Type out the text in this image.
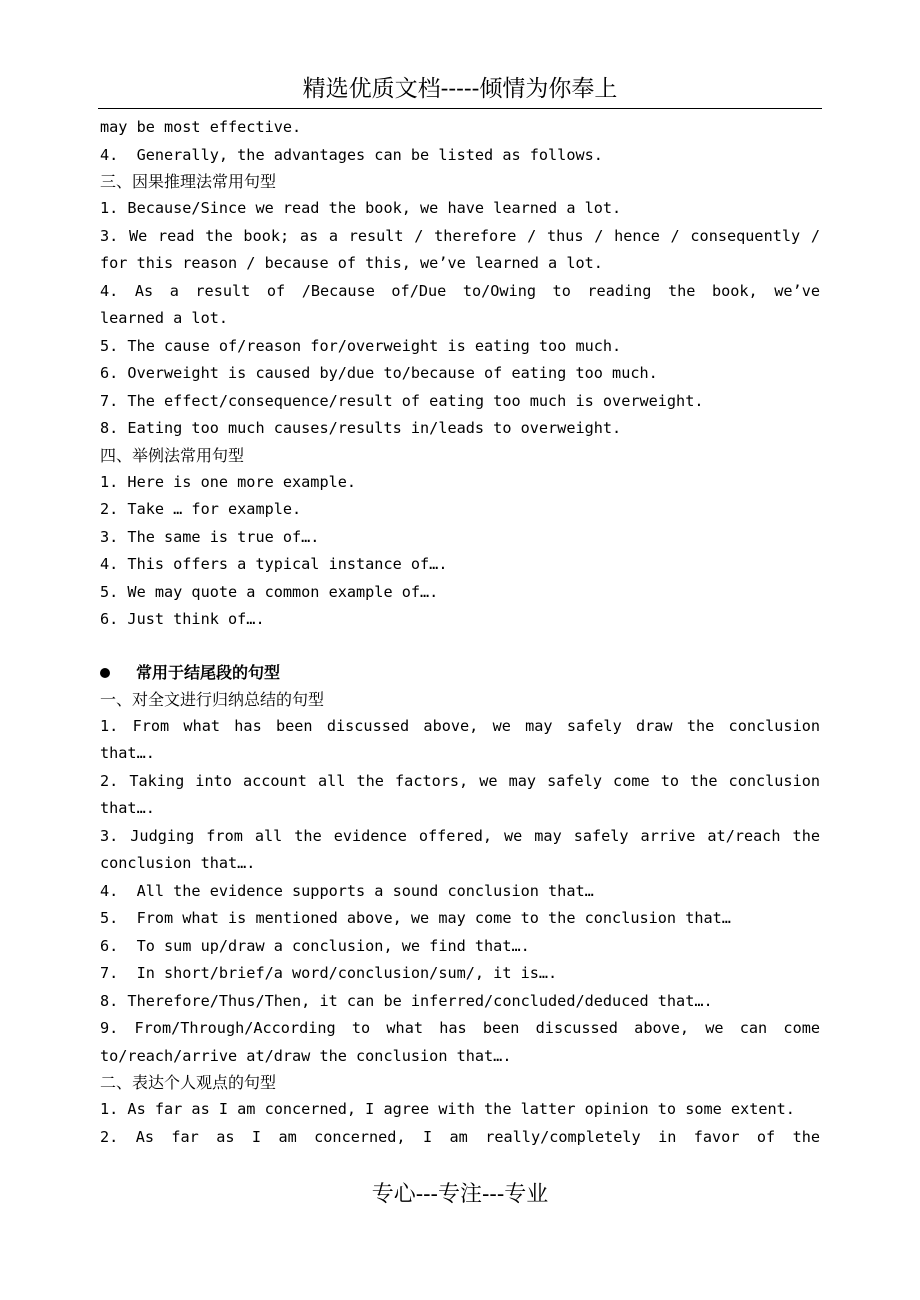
精选优质文档-----倾情为你奉上
may be most effective.
4.  Generally, the advantages can be listed as follows.
三、因果推理法常用句型
1. Because/Since we read the book, we have learned a lot.
3. We read the book; as a result / therefore / thus / hence / consequently /
for this reason / because of this, we’ve learned a lot.
4. As a result of /Because of/Due to/Owing to reading the book, we’ve
learned a lot.
5. The cause of/reason for/overweight is eating too much.
6. Overweight is caused by/due to/because of eating too much.
7. The effect/consequence/result of eating too much is overweight.
8. Eating too much causes/results in/leads to overweight.
四、举例法常用句型
1. Here is one more example.
2. Take … for example.
3. The same is true of….
4. This offers a typical instance of….
5. We may quote a common example of….
6. Just think of….
常用于结尾段的句型
一、对全文进行归纳总结的句型
1. From what has been discussed above, we may safely draw the conclusion
that….
2. Taking into account all the factors, we may safely come to the conclusion
that….
3. Judging from all the evidence offered, we may safely arrive at/reach the
conclusion that….
4.  All the evidence supports a sound conclusion that…
5.  From what is mentioned above, we may come to the conclusion that…
6.  To sum up/draw a conclusion, we find that….
7.  In short/brief/a word/conclusion/sum/, it is….
8. Therefore/Thus/Then, it can be inferred/concluded/deduced that….
9. From/Through/According to what has been discussed above, we can come
to/reach/arrive at/draw the conclusion that….
二、表达个人观点的句型
1. As far as I am concerned, I agree with the latter opinion to some extent.
2. As far as I am concerned, I am really/completely in favor of the
专心---专注---专业
